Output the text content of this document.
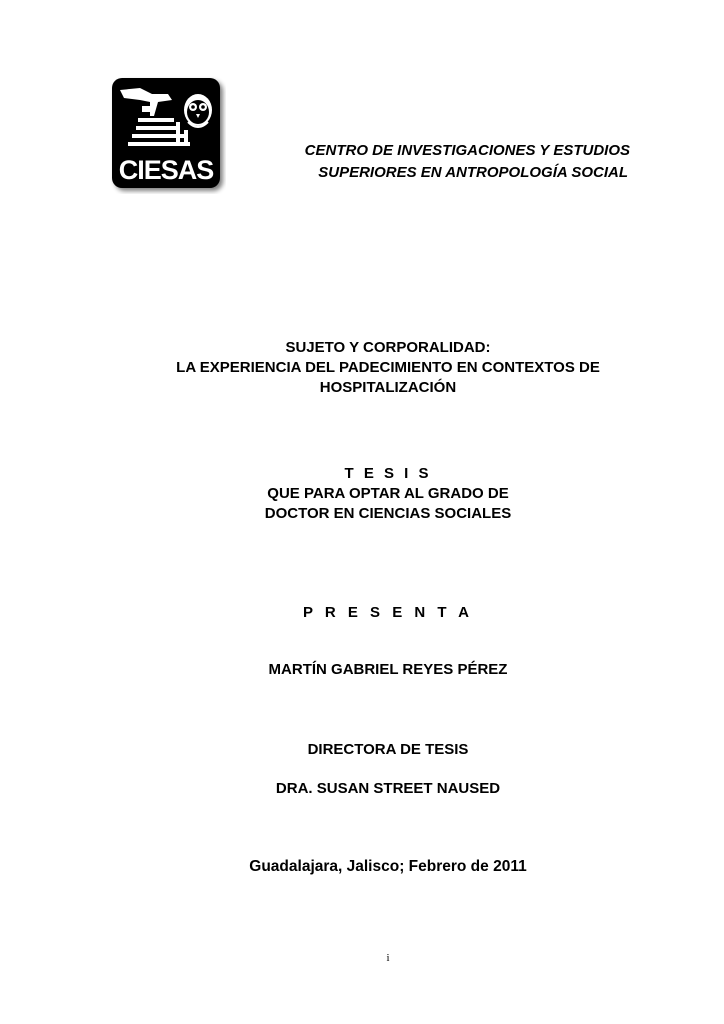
CIESAS
CENTRO DE INVESTIGACIONES Y ESTUDIOS
SUPERIORES EN ANTROPOLOGÍA SOCIAL
SUJETO Y CORPORALIDAD:
LA EXPERIENCIA DEL PADECIMIENTO EN CONTEXTOS DE
HOSPITALIZACIÓN
T E S I S
QUE PARA OPTAR AL GRADO DE
DOCTOR EN CIENCIAS SOCIALES
P R E S E N T A
MARTÍN GABRIEL REYES PÉREZ
DIRECTORA DE TESIS
DRA. SUSAN STREET NAUSED
Guadalajara, Jalisco; Febrero de 2011
i
